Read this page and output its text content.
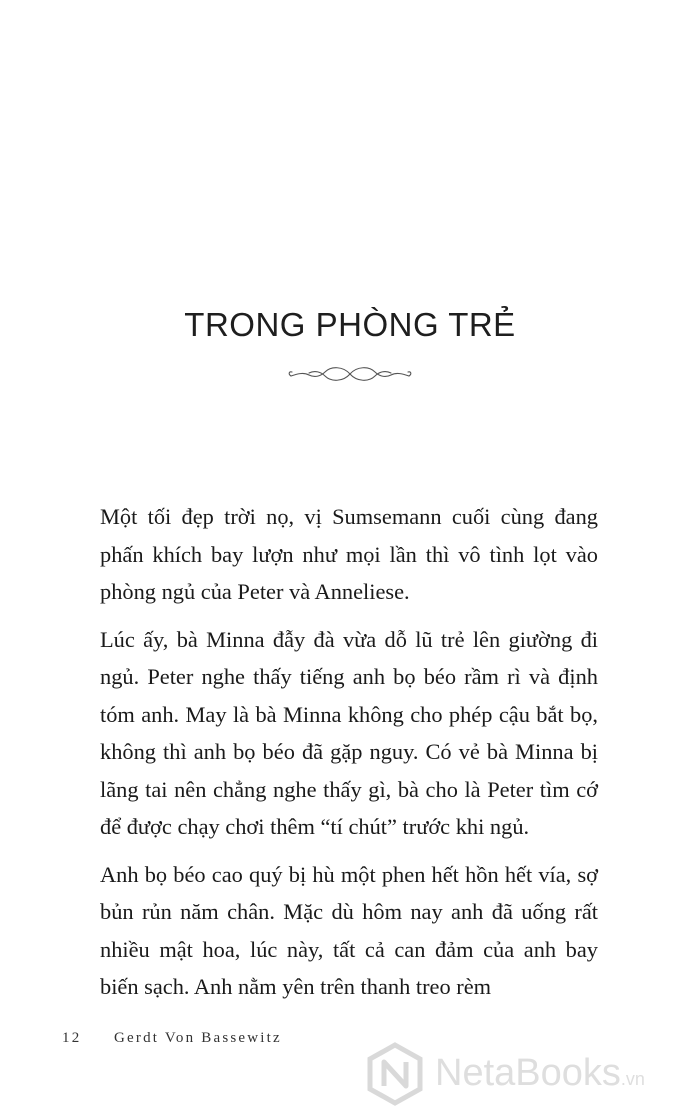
TRONG PHÒNG TRẺ

Một tối đẹp trời nọ, vị Sumsemann cuối cùng đang phấn khích bay lượn như mọi lần thì vô tình lọt vào phòng ngủ của Peter và Anneliese.

Lúc ấy, bà Minna đẫy đà vừa dỗ lũ trẻ lên giường đi ngủ. Peter nghe thấy tiếng anh bọ béo rầm rì và định tóm anh. May là bà Minna không cho phép cậu bắt bọ, không thì anh bọ béo đã gặp nguy. Có vẻ bà Minna bị lãng tai nên chẳng nghe thấy gì, bà cho là Peter tìm cớ để được chạy chơi thêm “tí chút” trước khi ngủ.

Anh bọ béo cao quý bị hù một phen hết hồn hết vía, sợ bủn rủn năm chân. Mặc dù hôm nay anh đã uống rất nhiều mật hoa, lúc này, tất cả can đảm của anh bay biến sạch. Anh nằm yên trên thanh treo rèm

12 Gerdt Von Bassewitz
NetaBooks.vn
